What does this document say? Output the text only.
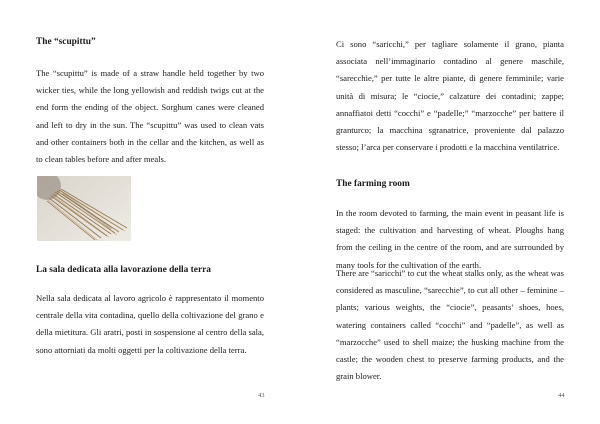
The “scupittu”

The “scupittu” is made of a straw handle held together by two wicker ties, while the long yellowish and reddish twigs cut at the end form the ending of the object. Sorghum canes were cleaned and left to dry in the sun. The “scupittu” was used to clean vats and other containers both in the cellar and the kitchen, as well as to clean tables before and after meals.

La sala dedicata alla lavorazione della terra

Nella sala dedicata al lavoro agricolo è rappresentato il momento centrale della vita contadina, quello della coltivazione del grano e della mietitura. Gli aratri, posti in sospensione al centro della sala, sono attorniati da molti oggetti per la coltivazione della terra.

43

Ci sono “saricchi,” per tagliare solamente il grano, pianta associata nell’immaginario contadino al genere maschile, “sarecchie,” per tutte le altre piante, di genere femminile; varie unità di misura; le “ciocie,” calzature dei contadini; zappe; annaffiatoi detti “cocchi” e “padelle;” “marzocche” per battere il granturco; la macchina sgranatrice, proveniente dal palazzo stesso; l’arca per conservare i prodotti e la macchina ventilatrice.

The farming room

In the room devoted to farming, the main event in peasant life is staged: the cultivation and harvesting of wheat. Ploughs hang from the ceiling in the centre of the room, and are surrounded by many tools for the cultivation of the earth.

There are “saricchi” to cut the wheat stalks only, as the wheat was considered as masculine, “sarecchie”, to cut all other – feminine – plants; various weights, the “ciocie”, peasants’ shoes, hoes, watering containers called “cocchi” and “padelle”, as well as “marzocche” used to shell maize; the husking machine from the castle; the wooden chest to preserve farming products, and the grain blower.

44
